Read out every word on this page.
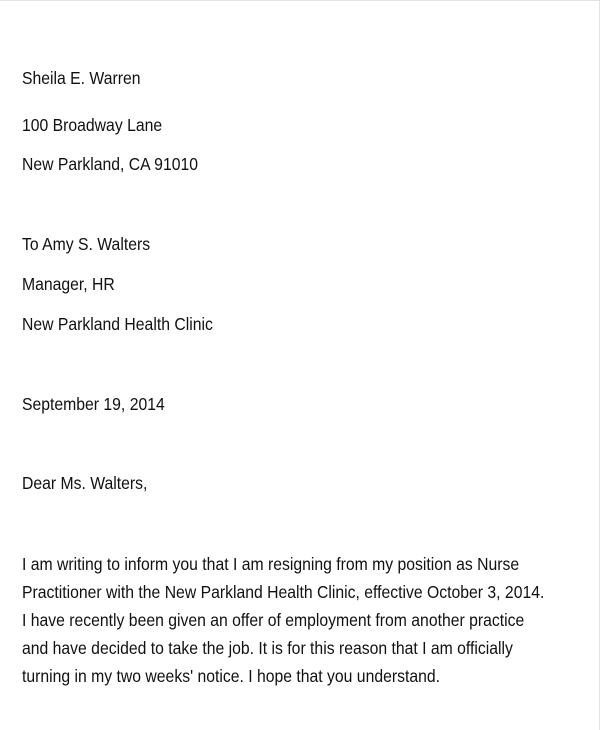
Sheila E. Warren

100 Broadway Lane

New Parkland, CA 91010

To Amy S. Walters

Manager, HR

New Parkland Health Clinic

September 19, 2014

Dear Ms. Walters,

I am writing to inform you that I am resigning from my position as Nurse Practitioner with the New Parkland Health Clinic, effective October 3, 2014. I have recently been given an offer of employment from another practice and have decided to take the job. It is for this reason that I am officially turning in my two weeks' notice. I hope that you understand.
